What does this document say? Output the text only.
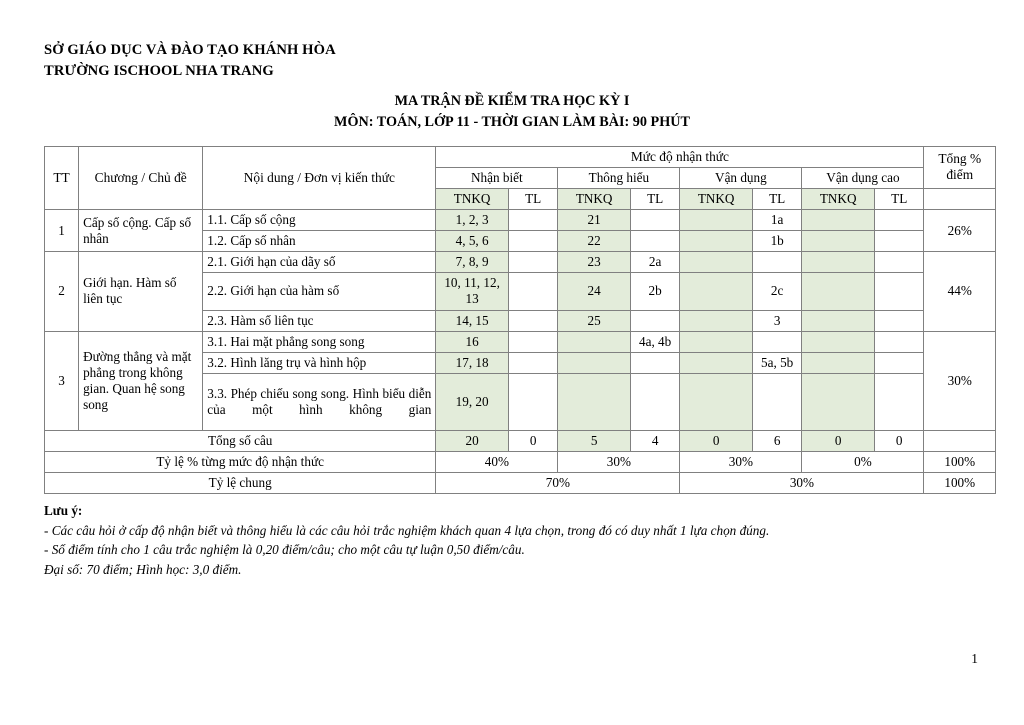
SỞ GIÁO DỤC VÀ ĐÀO TẠO KHÁNH HÒA
TRƯỜNG ISCHOOL NHA TRANG
MA TRẬN ĐỀ KIỂM TRA HỌC KỲ I
MÔN: TOÁN, LỚP 11 - THỜI GIAN LÀM BÀI: 90 PHÚT
TT	Chương / Chủ đề	Nội dung / Đơn vị kiến thức	Mức độ nhận thức								Tổng % điểm
			Nhận biết		Thông hiểu		Vận dụng		Vận dụng cao		
			TNKQ	TL	TNKQ	TL	TNKQ	TL	TNKQ	TL	
1	Cấp số cộng. Cấp số nhân	1.1. Cấp số cộng	1, 2, 3		21			1a			26%
		1.2. Cấp số nhân	4, 5, 6		22			1b			
2	Giới hạn. Hàm số liên tục	2.1. Giới hạn của dãy số	7, 8, 9		23	2a					44%
		2.2. Giới hạn của hàm số	10, 11, 12, 13		24	2b		2c			
		2.3. Hàm số liên tục	14, 15		25			3			
3	Đường thẳng và mặt phẳng trong không gian. Quan hệ song song	3.1. Hai mặt phẳng song song	16			4a, 4b					30%
		3.2. Hình lăng trụ và hình hộp	17, 18					5a, 5b			
		3.3. Phép chiếu song song. Hình biểu diễn của một hình không gian	19, 20								
Tổng số câu			20	0	5	4	0	6	0	0	
Tỷ lệ % từng mức độ nhận thức			40%		30%		30%		0%		100%
Tỷ lệ chung			70%				30%				100%
Lưu ý:
- Các câu hỏi ở cấp độ nhận biết và thông hiểu là các câu hỏi trắc nghiệm khách quan 4 lựa chọn, trong đó có duy nhất 1 lựa chọn đúng.
- Số điểm tính cho 1 câu trắc nghiệm là 0,20 điểm/câu; cho một câu tự luận 0,50 điểm/câu.
Đại số: 70 điểm; Hình học: 3,0 điểm.
1
